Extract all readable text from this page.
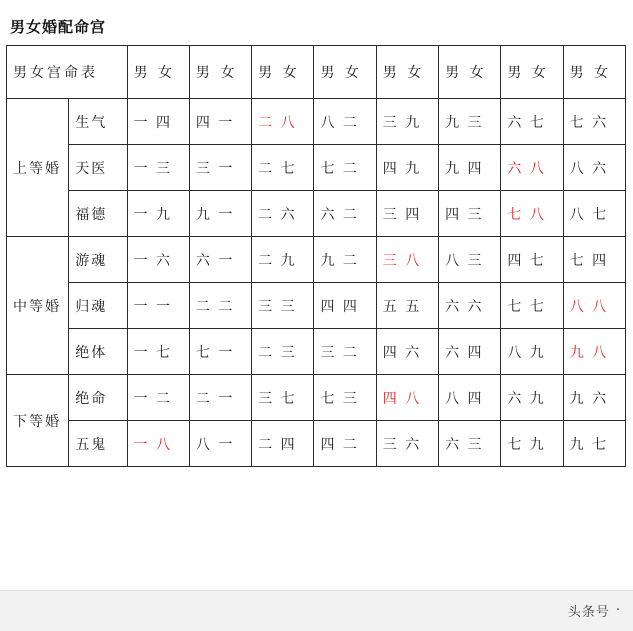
男女婚配命宫
男女宫命表		男 女	男 女	男 女	男 女	男 女	男 女	男 女	男 女
上等婚	生气	一 四	四 一	二 八	八 二	三 九	九 三	六 七	七 六
	天医	一 三	三 一	二 七	七 二	四 九	九 四	六 八	八 六
	福德	一 九	九 一	二 六	六 二	三 四	四 三	七 八	八 七
中等婚	游魂	一 六	六 一	二 九	九 二	三 八	八 三	四 七	七 四
	归魂	一 一	二 二	三 三	四 四	五 五	六 六	七 七	八 八
	绝体	一 七	七 一	二 三	三 二	四 六	六 四	八 九	九 八
下等婚	绝命	一 二	二 一	三 七	七 三	四 八	八 四	六 九	九 六
	五鬼	一 八	八 一	二 四	四 二	三 六	六 三	七 九	九 七
头条号 ·
